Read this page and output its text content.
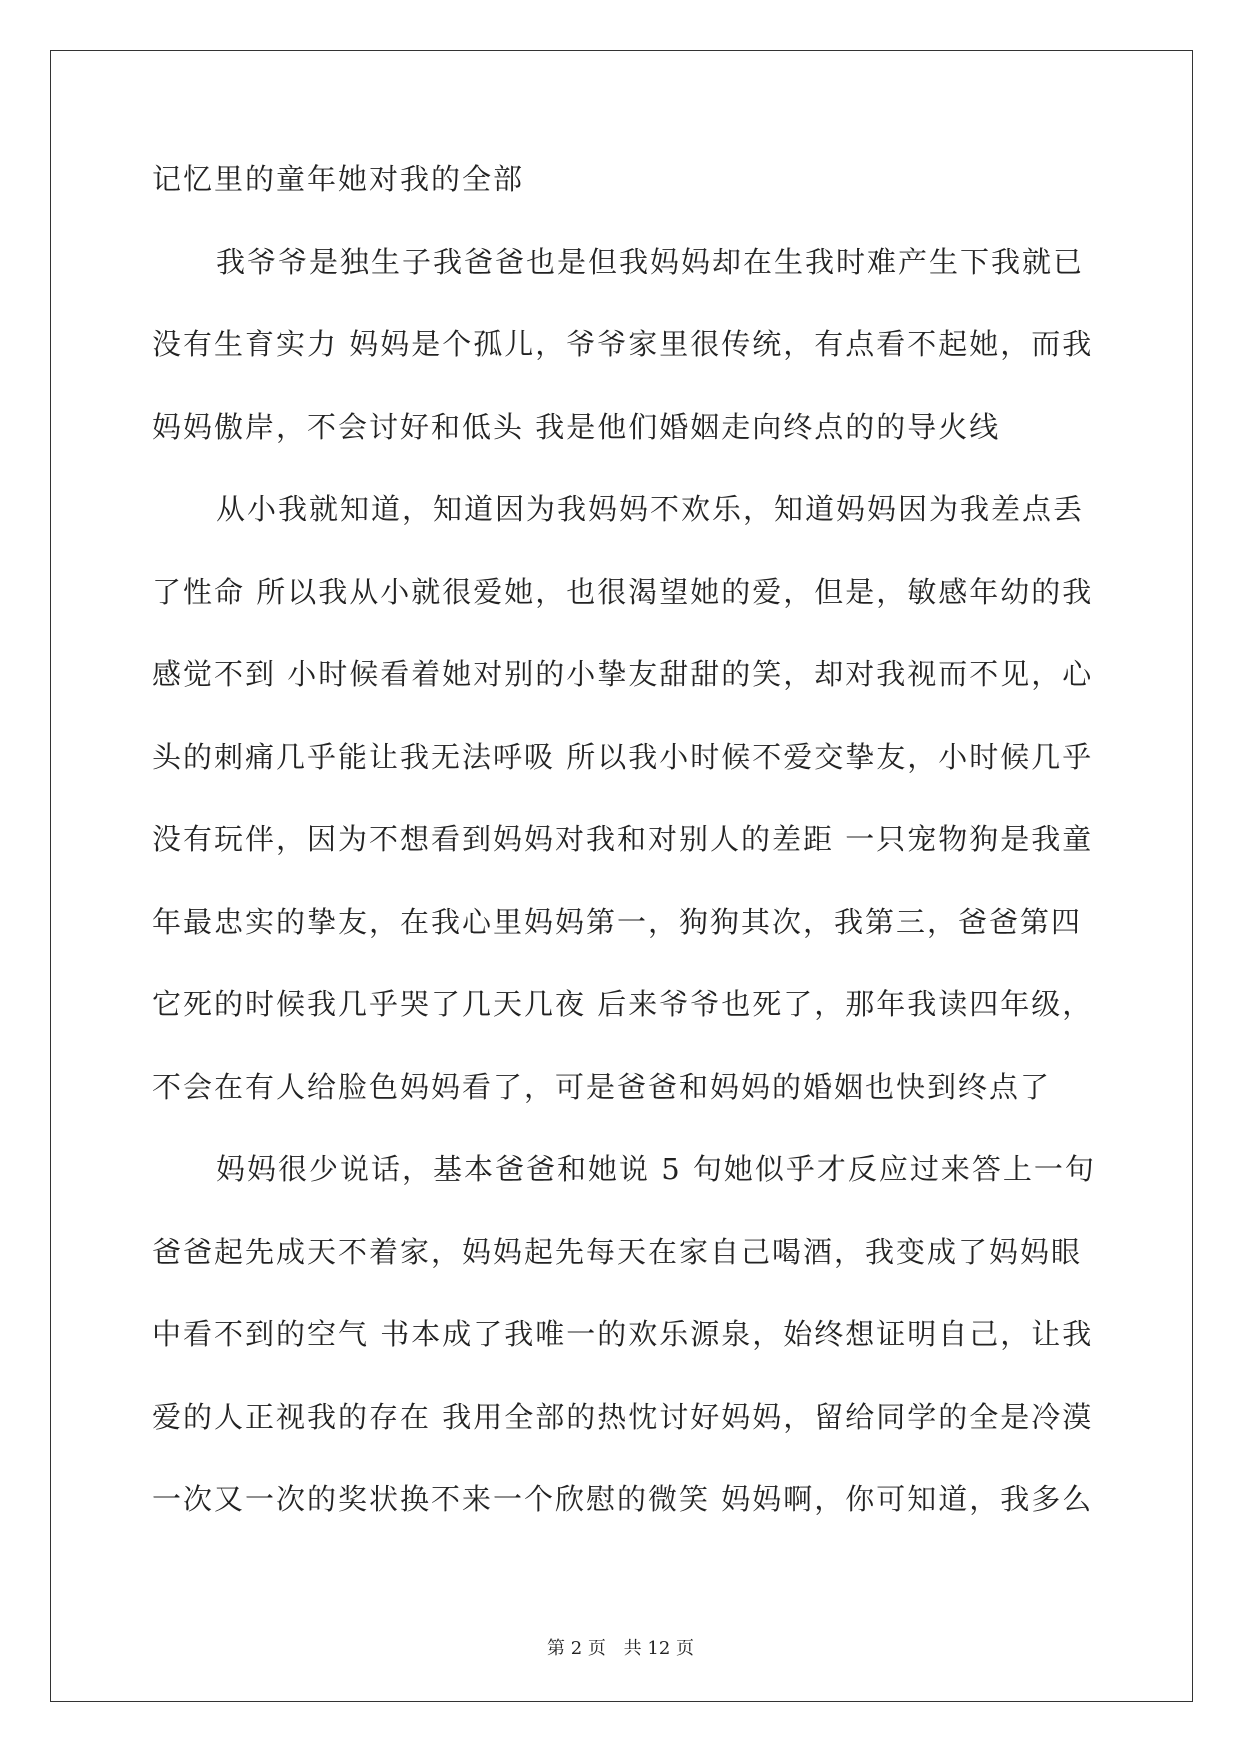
记忆里的童年她对我的全部
我爷爷是独生子我爸爸也是但我妈妈却在生我时难产生下我就已
没有生育实力 妈妈是个孤儿，爷爷家里很传统，有点看不起她，而我
妈妈傲岸，不会讨好和低头 我是他们婚姻走向终点的的导火线
从小我就知道，知道因为我妈妈不欢乐，知道妈妈因为我差点丢
了性命 所以我从小就很爱她，也很渴望她的爱，但是，敏感年幼的我
感觉不到 小时候看着她对别的小挚友甜甜的笑，却对我视而不见，心
头的刺痛几乎能让我无法呼吸 所以我小时候不爱交挚友，小时候几乎
没有玩伴，因为不想看到妈妈对我和对别人的差距 一只宠物狗是我童
年最忠实的挚友，在我心里妈妈第一，狗狗其次，我第三，爸爸第四
它死的时候我几乎哭了几天几夜 后来爷爷也死了，那年我读四年级，
不会在有人给脸色妈妈看了，可是爸爸和妈妈的婚姻也快到终点了
妈妈很少说话，基本爸爸和她说 5 句她似乎才反应过来答上一句
爸爸起先成天不着家，妈妈起先每天在家自己喝酒，我变成了妈妈眼
中看不到的空气 书本成了我唯一的欢乐源泉，始终想证明自己，让我
爱的人正视我的存在 我用全部的热忱讨好妈妈，留给同学的全是冷漠
一次又一次的奖状换不来一个欣慰的微笑 妈妈啊，你可知道，我多么
第 2 页 共 12 页
